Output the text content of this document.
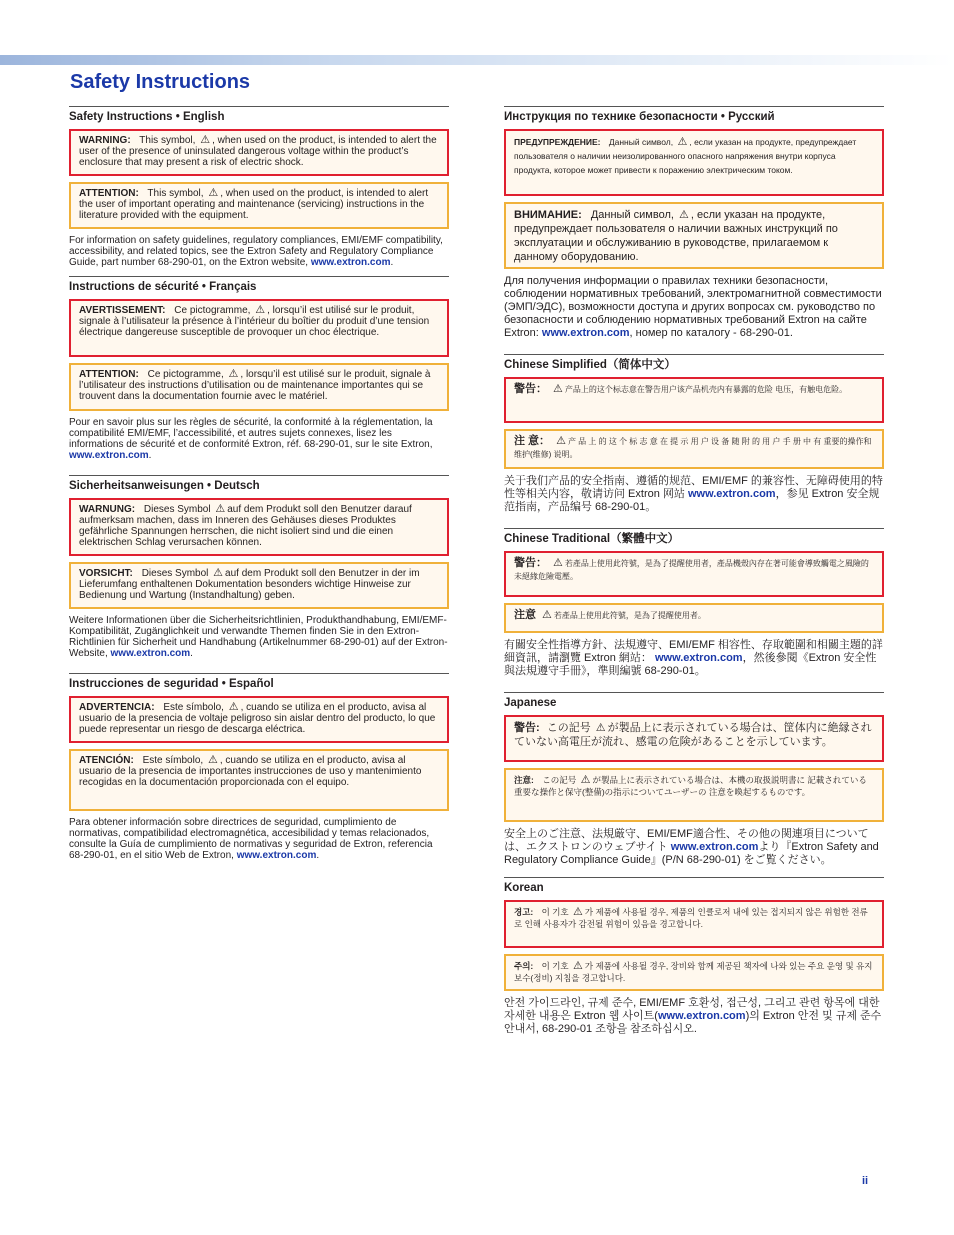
Safety Instructions

Safety Instructions • English

WARNING: This symbol, ⚠ , when used on the product, is intended to alert the user of the presence of uninsulated dangerous voltage within the product’s enclosure that may present a risk of electric shock.
ATTENTION: This symbol, ⚠ , when used on the product, is intended to alert the user of important operating and maintenance (servicing) instructions in the literature provided with the equipment.

For information on safety guidelines, regulatory compliances, EMI/EMF compatibility, accessibility, and related topics, see the Extron Safety and Regulatory Compliance Guide, part number 68-290-01, on the Extron website, www.extron.com.

Instructions de sécurité • Français

AVERTISSEMENT: Ce pictogramme, ⚠ , lorsqu’il est utilisé sur le produit, signale à l’utilisateur la présence à l’intérieur du boîtier du produit d’une tension électrique dangereuse susceptible de provoquer un choc électrique.
ATTENTION: Ce pictogramme, ⚠ , lorsqu’il est utilisé sur le produit, signale à l’utilisateur des instructions d’utilisation ou de maintenance importantes qui se trouvent dans la documentation fournie avec le matériel.

Pour en savoir plus sur les règles de sécurité, la conformité à la réglementation, la compatibilité EMI/EMF, l’accessibilité, et autres sujets connexes, lisez les informations de sécurité et de conformité Extron, réf. 68-290-01, sur le site Extron, www.extron.com.

Sicherheitsanweisungen • Deutsch

WARNUNG: Dieses Symbol ⚠ auf dem Produkt soll den Benutzer darauf aufmerksam machen, dass im Inneren des Gehäuses dieses Produktes gefährliche Spannungen herrschen, die nicht isoliert sind und die einen elektrischen Schlag verursachen können.
VORSICHT: Dieses Symbol ⚠ auf dem Produkt soll den Benutzer in der im Lieferumfang enthaltenen Dokumentation besonders wichtige Hinweise zur Bedienung und Wartung (Instandhaltung) geben.

Weitere Informationen über die Sicherheitsrichtlinien, Produkthandhabung, EMI/EMF-Kompatibilität, Zugänglichkeit und verwandte Themen finden Sie in den Extron-Richtlinien für Sicherheit und Handhabung (Artikelnummer 68-290-01) auf der Extron-Website, www.extron.com.

Instrucciones de seguridad • Español

ADVERTENCIA: Este símbolo, ⚠ , cuando se utiliza en el producto, avisa al usuario de la presencia de voltaje peligroso sin aislar dentro del producto, lo que puede representar un riesgo de descarga eléctrica.
ATENCIÓN: Este símbolo, ⚠ , cuando se utiliza en el producto, avisa al usuario de la presencia de importantes instrucciones de uso y mantenimiento recogidas en la documentación proporcionada con el equipo.

Para obtener información sobre directrices de seguridad, cumplimiento de normativas, compatibilidad electromagnética, accesibilidad y temas relacionados, consulte la Guía de cumplimiento de normativas y seguridad de Extron, referencia 68-290-01, en el sitio Web de Extron, www.extron.com.

Инструкция по технике безопасности • Русский

ПРЕДУПРЕЖДЕНИЕ: Данный символ, ⚠ , если указан на продукте, предупреждает пользователя о наличии неизолированного опасного напряжения внутри корпуса продукта, которое может привести к поражению электрическим током.
ВНИМАНИЕ: Данный символ, ⚠ , если указан на продукте, предупреждает пользователя о наличии важных инструкций по эксплуатации и обслуживанию в руководстве, прилагаемом к данному оборудованию.

Для получения информации о правилах техники безопасности, соблюдении нормативных требований, электромагнитной совместимости (ЭМП/ЭДС), возможности доступа и других вопросах см. руководство по безопасности и соблюдению нормативных требований Extron на сайте Extron: www.extron.com, номер по каталогу - 68-290-01.

Chinese Simplified（简体中文）

警告： ⚠ 产品上的这个标志意在警告用户该产品机壳内有暴露的危险 电压，有触电危险。
注 意： ⚠ 产 品 上 的 这 个 标 志 意 在 提 示 用 户 设 备 随 附 的 用 户 手 册 中 有 重要的操作和维护(维修) 说明。

关于我们产品的安全指南、遵循的规范、EMI/EMF 的兼容性、无障碍使用的特性等相关内容，敬请访问 Extron 网站 www.extron.com，参见 Extron 安全规范指南，产品编号 68-290-01。

Chinese Traditional（繁體中文）

警告： ⚠ 若產品上使用此符號，是為了提醒使用者，產品機殼內存在著可能會導致觸電之風險的未絕緣危險電壓。
注意 ⚠ 若產品上使用此符號，是為了提醒使用者。

有關安全性指導方針、法規遵守、EMI/EMF 相容性、存取範圍和相關主題的詳細資訊，請瀏覽 Extron 網站： www.extron.com，然後參閱《Extron 安全性與法規遵守手冊》，準則編號 68-290-01。

Japanese

警告: この記号 ⚠ が製品上に表示されている場合は、筐体内に絶縁されていない高電圧が流れ、感電の危険があることを示しています。
注意: この記号 ⚠ が製品上に表示されている場合は、本機の取扱説明書に 記載されている重要な操作と保守(整備)の指示についてユーザーの 注意を喚起するものです。

安全上のご注意、法規厳守、EMI/EMF適合性、その他の関連項目については、エクストロンのウェブサイト www.extron.comより『Extron Safety and Regulatory Compliance Guide』(P/N 68-290-01) をご覧ください。

Korean

경고: 이 기호 ⚠ 가 제품에 사용될 경우, 제품의 인클로저 내에 있는 접지되지 않은 위험한 전류로 인해 사용자가 감전될 위험이 있음을 경고합니다.
주의: 이 기호 ⚠ 가 제품에 사용될 경우, 장비와 함께 제공된 책자에 나와 있는 주요 운영 및 유지보수(정비) 지침을 경고합니다.

안전 가이드라인, 규제 준수, EMI/EMF 호환성, 접근성, 그리고 관련 항목에 대한 자세한 내용은 Extron 웹 사이트(www.extron.com)의 Extron 안전 및 규제 준수 안내서, 68-290-01 조항을 참조하십시오.

ii
